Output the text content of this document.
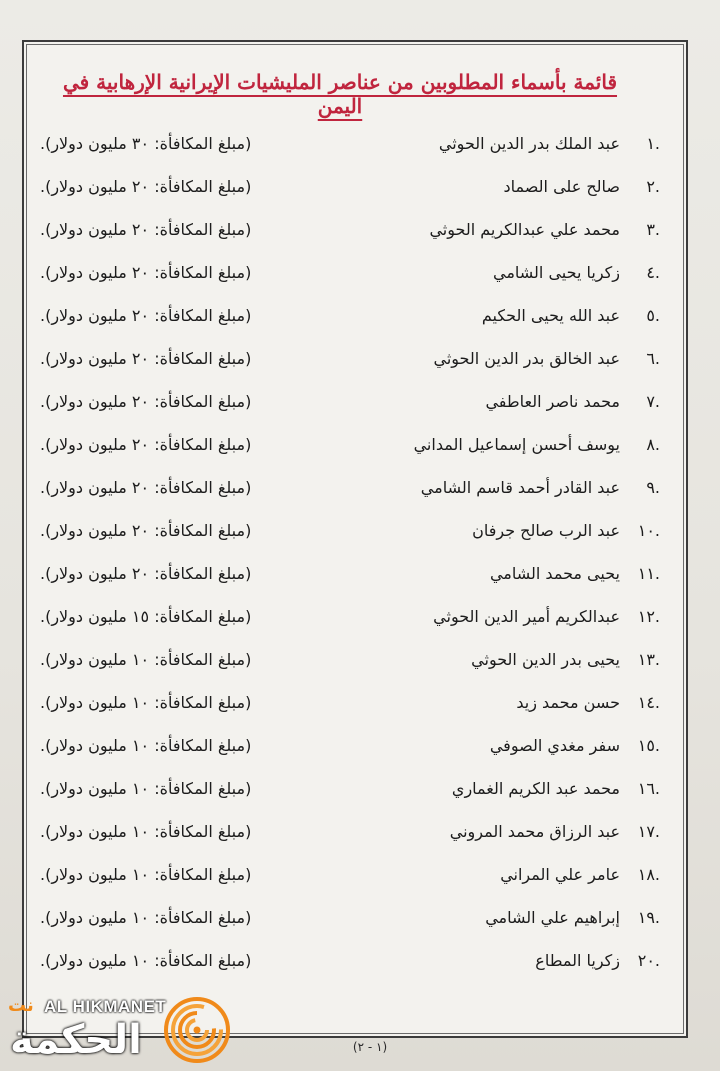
قائمة بأسماء المطلوبين من عناصر المليشيات الإيرانية الإرهابية في اليمن
.١
عبد الملك بدر الدين الحوثي
(مبلغ المكافأة: ٣٠ مليون دولار).
.٢
صالح على الصماد
(مبلغ المكافأة: ٢٠ مليون دولار).
.٣
محمد علي عبدالكريم الحوثي
(مبلغ المكافأة: ٢٠ مليون دولار).
.٤
زكريا يحيى الشامي
(مبلغ المكافأة: ٢٠ مليون دولار).
.٥
عبد الله يحيى الحكيم
(مبلغ المكافأة: ٢٠ مليون دولار).
.٦
عبد الخالق بدر الدين الحوثي
(مبلغ المكافأة: ٢٠ مليون دولار).
.٧
محمد ناصر العاطفي
(مبلغ المكافأة: ٢٠ مليون دولار).
.٨
يوسف أحسن إسماعيل المداني
(مبلغ المكافأة: ٢٠ مليون دولار).
.٩
عبد القادر أحمد قاسم الشامي
(مبلغ المكافأة: ٢٠ مليون دولار).
.١٠
عبد الرب صالح جرفان
(مبلغ المكافأة: ٢٠ مليون دولار).
.١١
يحيى محمد الشامي
(مبلغ المكافأة: ٢٠ مليون دولار).
.١٢
عبدالكريم أمير الدين الحوثي
(مبلغ المكافأة: ١٥ مليون دولار).
.١٣
يحيى بدر الدين الحوثي
(مبلغ المكافأة: ١٠ مليون دولار).
.١٤
حسن محمد زيد
(مبلغ المكافأة: ١٠ مليون دولار).
.١٥
سفر مغدي الصوفي
(مبلغ المكافأة: ١٠ مليون دولار).
.١٦
محمد عبد الكريم الغماري
(مبلغ المكافأة: ١٠ مليون دولار).
.١٧
عبد الرزاق محمد المروني
(مبلغ المكافأة: ١٠ مليون دولار).
.١٨
عامر علي المراني
(مبلغ المكافأة: ١٠ مليون دولار).
.١٩
إبراهيم علي الشامي
(مبلغ المكافأة: ١٠ مليون دولار).
.٢٠
زكريا المطاع
(مبلغ المكافأة: ١٠ مليون دولار).
(١ - ٢)
نت AL HIKMANET
الحكمة
